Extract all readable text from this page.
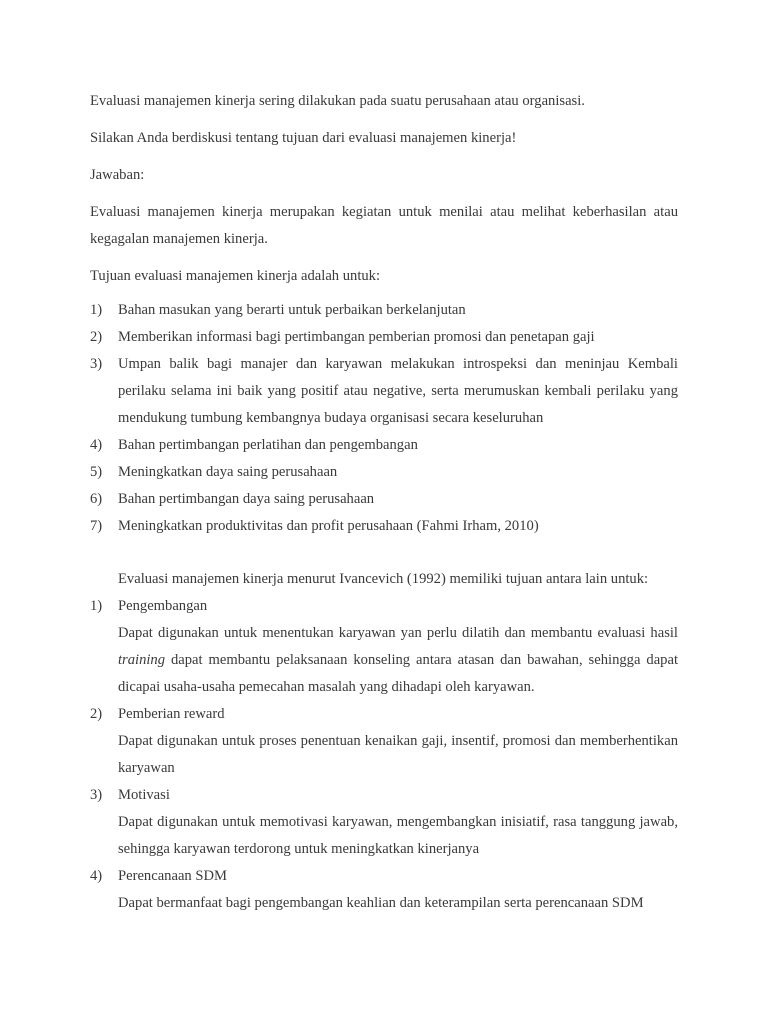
Evaluasi manajemen kinerja sering dilakukan pada suatu perusahaan atau organisasi.

Silakan Anda berdiskusi tentang tujuan dari evaluasi manajemen kinerja!

Jawaban:

Evaluasi manajemen kinerja merupakan kegiatan untuk menilai atau melihat keberhasilan atau kegagalan manajemen kinerja.

Tujuan evaluasi manajemen kinerja adalah untuk:

1) Bahan masukan yang berarti untuk perbaikan berkelanjutan
2) Memberikan informasi bagi pertimbangan pemberian promosi dan penetapan gaji
3) Umpan balik bagi manajer dan karyawan melakukan introspeksi dan meninjau Kembali perilaku selama ini baik yang positif atau negative, serta merumuskan kembali perilaku yang mendukung tumbung kembangnya budaya organisasi secara keseluruhan
4) Bahan pertimbangan perlatihan dan pengembangan
5) Meningkatkan daya saing perusahaan
6) Bahan pertimbangan daya saing perusahaan
7) Meningkatkan produktivitas dan profit perusahaan (Fahmi Irham, 2010)

Evaluasi manajemen kinerja menurut Ivancevich (1992) memiliki tujuan antara lain untuk:

1) Pengembangan
Dapat digunakan untuk menentukan karyawan yan perlu dilatih dan membantu evaluasi hasil training dapat membantu pelaksanaan konseling antara atasan dan bawahan, sehingga dapat dicapai usaha-usaha pemecahan masalah yang dihadapi oleh karyawan.
2) Pemberian reward
Dapat digunakan untuk proses penentuan kenaikan gaji, insentif, promosi dan memberhentikan karyawan
3) Motivasi
Dapat digunakan untuk memotivasi karyawan, mengembangkan inisiatif, rasa tanggung jawab, sehingga karyawan terdorong untuk meningkatkan kinerjanya
4) Perencanaan SDM
Dapat bermanfaat bagi pengembangan keahlian dan keterampilan serta perencanaan SDM
